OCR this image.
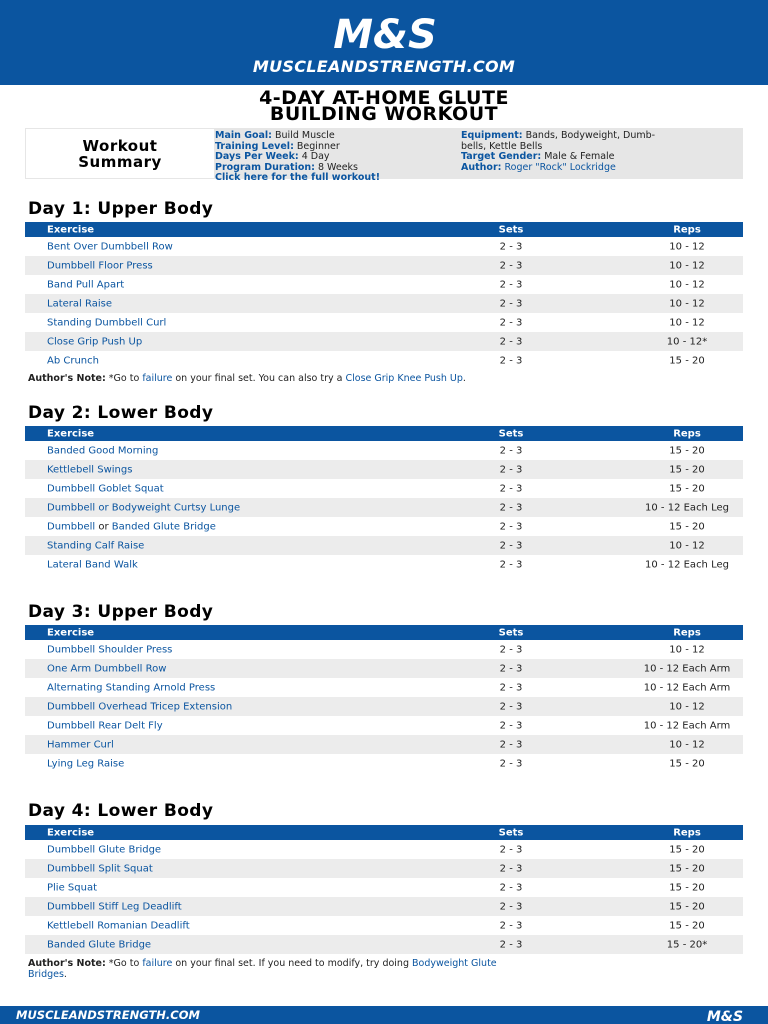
M&S
MUSCLEANDSTRENGTH.COM
4-DAY AT-HOME GLUTE
BUILDING WORKOUT
Workout
Summary
Main Goal: Build Muscle
Training Level: Beginner
Days Per Week: 4 Day
Program Duration: 8 Weeks
Click here for the full workout!
Equipment: Bands, Bodyweight, Dumb-
bells, Kettle Bells
Target Gender: Male & Female
Author: Roger "Rock" Lockridge
Day 1: Upper Body
Exercise	Sets	Reps
Bent Over Dumbbell Row	2 - 3	10 - 12
Dumbbell Floor Press	2 - 3	10 - 12
Band Pull Apart	2 - 3	10 - 12
Lateral Raise	2 - 3	10 - 12
Standing Dumbbell Curl	2 - 3	10 - 12
Close Grip Push Up	2 - 3	10 - 12*
Ab Crunch	2 - 3	15 - 20
Author's Note: *Go to failure on your final set. You can also try a Close Grip Knee Push Up.
Day 2: Lower Body
Exercise	Sets	Reps
Banded Good Morning	2 - 3	15 - 20
Kettlebell Swings	2 - 3	15 - 20
Dumbbell Goblet Squat	2 - 3	15 - 20
Dumbbell or Bodyweight Curtsy Lunge	2 - 3	10 - 12 Each Leg
Dumbbell or Banded Glute Bridge	2 - 3	15 - 20
Standing Calf Raise	2 - 3	10 - 12
Lateral Band Walk	2 - 3	10 - 12 Each Leg
Day 3: Upper Body
Exercise	Sets	Reps
Dumbbell Shoulder Press	2 - 3	10 - 12
One Arm Dumbbell Row	2 - 3	10 - 12 Each Arm
Alternating Standing Arnold Press	2 - 3	10 - 12 Each Arm
Dumbbell Overhead Tricep Extension	2 - 3	10 - 12
Dumbbell Rear Delt Fly	2 - 3	10 - 12 Each Arm
Hammer Curl	2 - 3	10 - 12
Lying Leg Raise	2 - 3	15 - 20
Day 4: Lower Body
Exercise	Sets	Reps
Dumbbell Glute Bridge	2 - 3	15 - 20
Dumbbell Split Squat	2 - 3	15 - 20
Plie Squat	2 - 3	15 - 20
Dumbbell Stiff Leg Deadlift	2 - 3	15 - 20
Kettlebell Romanian Deadlift	2 - 3	15 - 20
Banded Glute Bridge	2 - 3	15 - 20*
Author's Note: *Go to failure on your final set. If you need to modify, try doing Bodyweight Glute
Bridges.
MUSCLEANDSTRENGTH.COM	M&S
